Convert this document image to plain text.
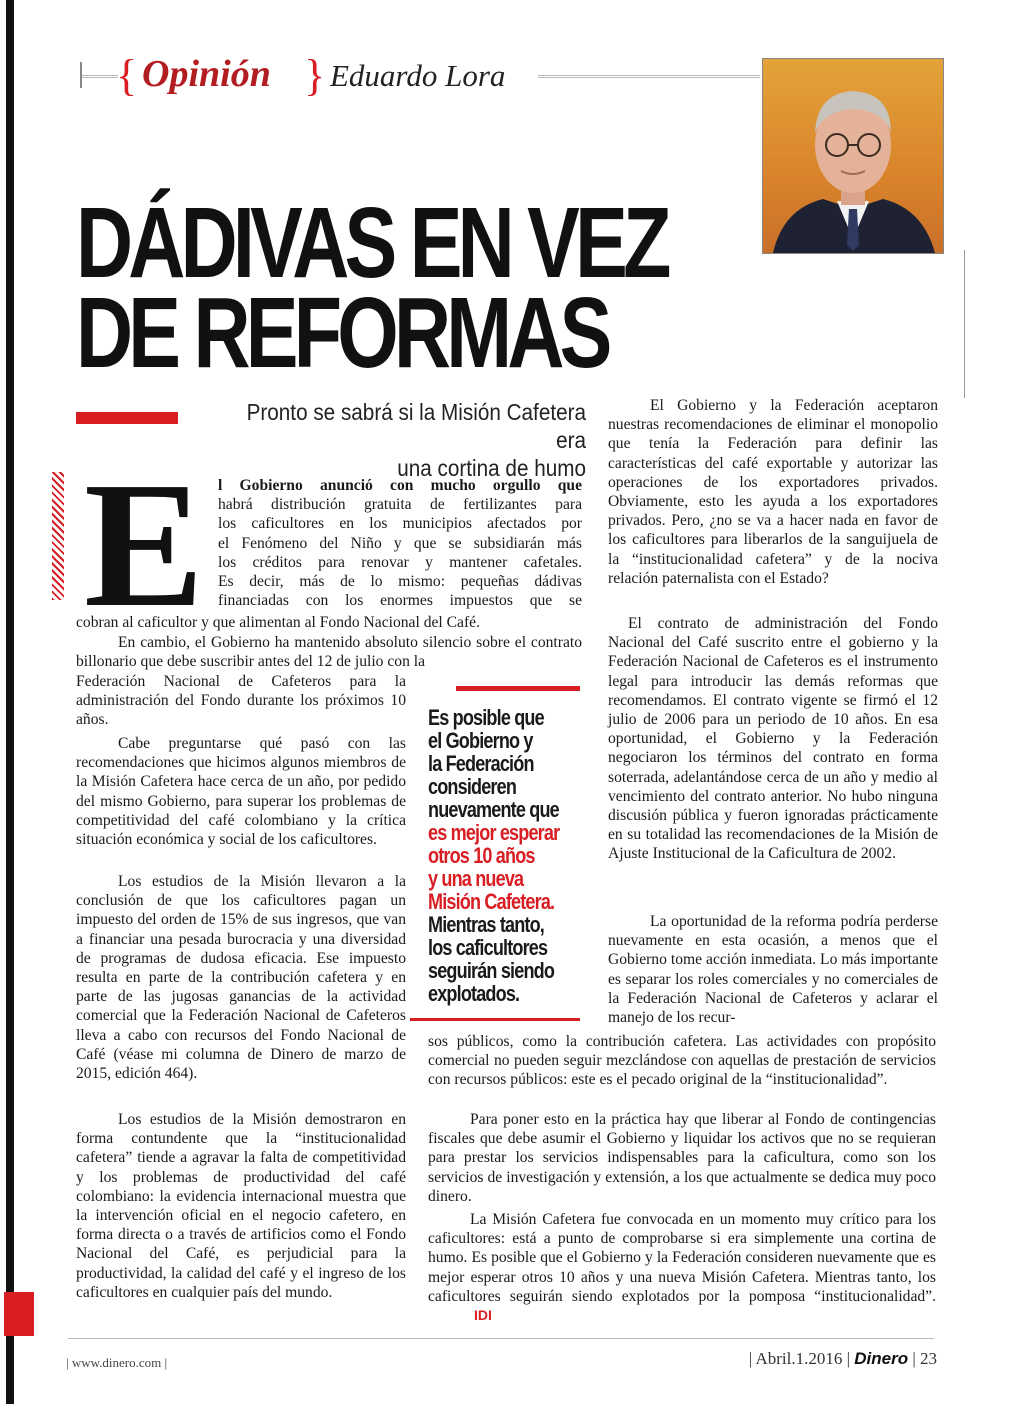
{ Opinión } Eduardo Lora
DÁDIVAS EN VEZ
DE REFORMAS
Pronto se sabrá si la Misión Cafetera era
una cortina de humo
E l Gobierno anunció con mucho orgullo que
habrá distribución gratuita de fertilizantes para
los caficultores en los municipios afectados por
el Fenómeno del Niño y que se subsidiarán más
los créditos para renovar y mantener cafetales.
Es decir, más de lo mismo: pequeñas dádivas
financiadas con los enormes impuestos que se
cobran al caficultor y que alimentan al Fondo Nacional del Café.
En cambio, el Gobierno ha mantenido absoluto silencio sobre el contrato billonario que debe suscribir antes del 12 de julio con la
Federación Nacional de Cafeteros para la administración del Fondo durante los próximos 10 años.
Cabe preguntarse qué pasó con las recomendaciones que hicimos algunos miembros de la Misión Cafetera hace cerca de un año, por pedido del mismo Gobierno, para superar los problemas de competitividad del café colombiano y la crítica situación económica y social de los caficultores.
Los estudios de la Misión llevaron a la conclusión de que los caficultores pagan un impuesto del orden de 15% de sus ingresos, que van a financiar una pesada burocracia y una diversidad de programas de dudosa eficacia. Ese impuesto resulta en parte de la contribución cafetera y en parte de las jugosas ganancias de la actividad comercial que la Federación Nacional de Cafeteros lleva a cabo con recursos del Fondo Nacional de Café (véase mi columna de Dinero de marzo de 2015, edición 464).
Los estudios de la Misión demostraron en forma contundente que la “institucionalidad cafetera” tiende a agravar la falta de competitividad y los problemas de productividad del café colombiano: la evidencia internacional muestra que la intervención oficial en el negocio cafetero, en forma directa o a través de artificios como el Fondo Nacional del Café, es perjudicial para la productividad, la calidad del café y el ingreso de los caficultores en cualquier país del mundo.

Es posible que
el Gobierno y
la Federación
consideren
nuevamente que
es mejor esperar
otros 10 años
y una nueva
Misión Cafetera.
Mientras tanto,
los caficultores
seguirán siendo
explotados.

El Gobierno y la Federación aceptaron nuestras recomendaciones de eliminar el monopolio que tenía la Federación para definir las características del café exportable y autorizar las operaciones de los exportadores privados. Obviamente, esto les ayuda a los exportadores privados. Pero, ¿no se va a hacer nada en favor de los caficultores para liberarlos de la sanguijuela de la “institucionalidad cafetera” y de la nociva relación paternalista con el Estado?
El contrato de administración del Fondo Nacional del Café suscrito entre el gobierno y la Federación Nacional de Cafeteros es el instrumento legal para introducir las demás reformas que recomendamos. El contrato vigente se firmó el 12 julio de 2006 para un periodo de 10 años. En esa oportunidad, el Gobierno y la Federación negociaron los términos del contrato en forma soterrada, adelantándose cerca de un año y medio al vencimiento del contrato anterior. No hubo ninguna discusión pública y fueron ignoradas prácticamente en su totalidad las recomendaciones de la Misión de Ajuste Institucional de la Caficultura de 2002.
La oportunidad de la reforma podría perderse nuevamente en esta ocasión, a menos que el Gobierno tome acción inmediata. Lo más importante es separar los roles comerciales y no comerciales de la Federación Nacional de Cafeteros y aclarar el manejo de los recur-
sos públicos, como la contribución cafetera. Las actividades con propósito comercial no pueden seguir mezclándose con aquellas de prestación de servicios con recursos públicos: este es el pecado original de la “institucionalidad”.
Para poner esto en la práctica hay que liberar al Fondo de contingencias fiscales que debe asumir el Gobierno y liquidar los activos que no se requieran para prestar los servicios indispensables para la caficultura, como son los servicios de investigación y extensión, a los que actualmente se dedica muy poco dinero.
La Misión Cafetera fue convocada en un momento muy crítico para los caficultores: está a punto de comprobarse si era simplemente una cortina de humo. Es posible que el Gobierno y la Federación consideren nuevamente que es mejor esperar otros 10 años y una nueva Misión Cafetera. Mientras tanto, los caficultores seguirán siendo explotados por la pomposa “institucionalidad”.IDI
| www.dinero.com |	| Abril.1.2016 | Dinero | 23
